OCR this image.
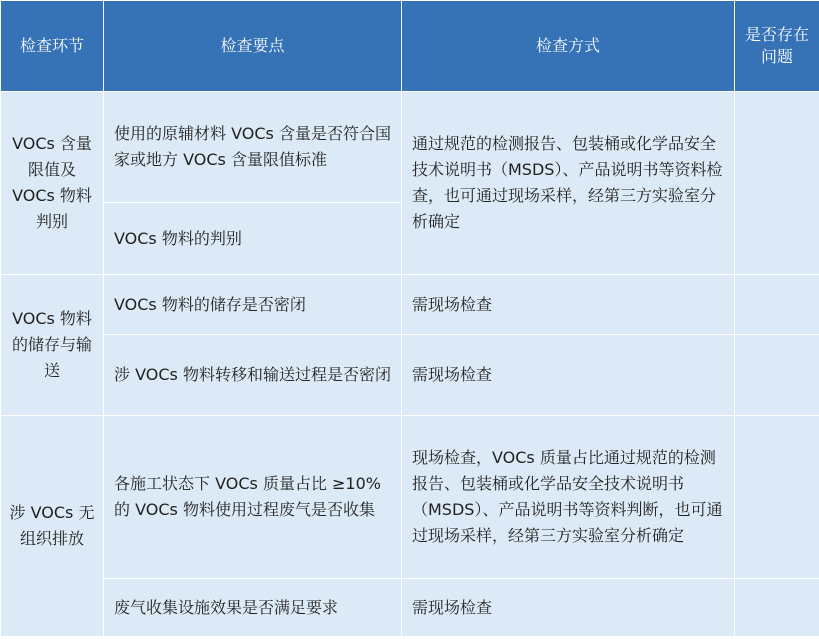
检查环节	检查要点	检查方式	是否存在问题

VOCs 含量限值及 VOCs 物料判别	使用的原辅材料 VOCs 含量是否符合国家或地方 VOCs 含量限值标准	通过规范的检测报告、包装桶或化学品安全技术说明书（MSDS）、产品说明书等资料检查，也可通过现场采样，经第三方实验室分析确定	

	VOCs 物料的判别		

VOCs 物料的储存与输送	VOCs 物料的储存是否密闭	需现场检查	

	涉 VOCs 物料转移和输送过程是否密闭	需现场检查	

涉 VOCs 无组织排放	各施工状态下 VOCs 质量占比 ≥10% 的 VOCs 物料使用过程废气是否收集	现场检查，VOCs 质量占比通过规范的检测报告、包装桶或化学品安全技术说明书（MSDS）、产品说明书等资料判断，也可通过现场采样，经第三方实验室分析确定	

	废气收集设施效果是否满足要求	需现场检查	
